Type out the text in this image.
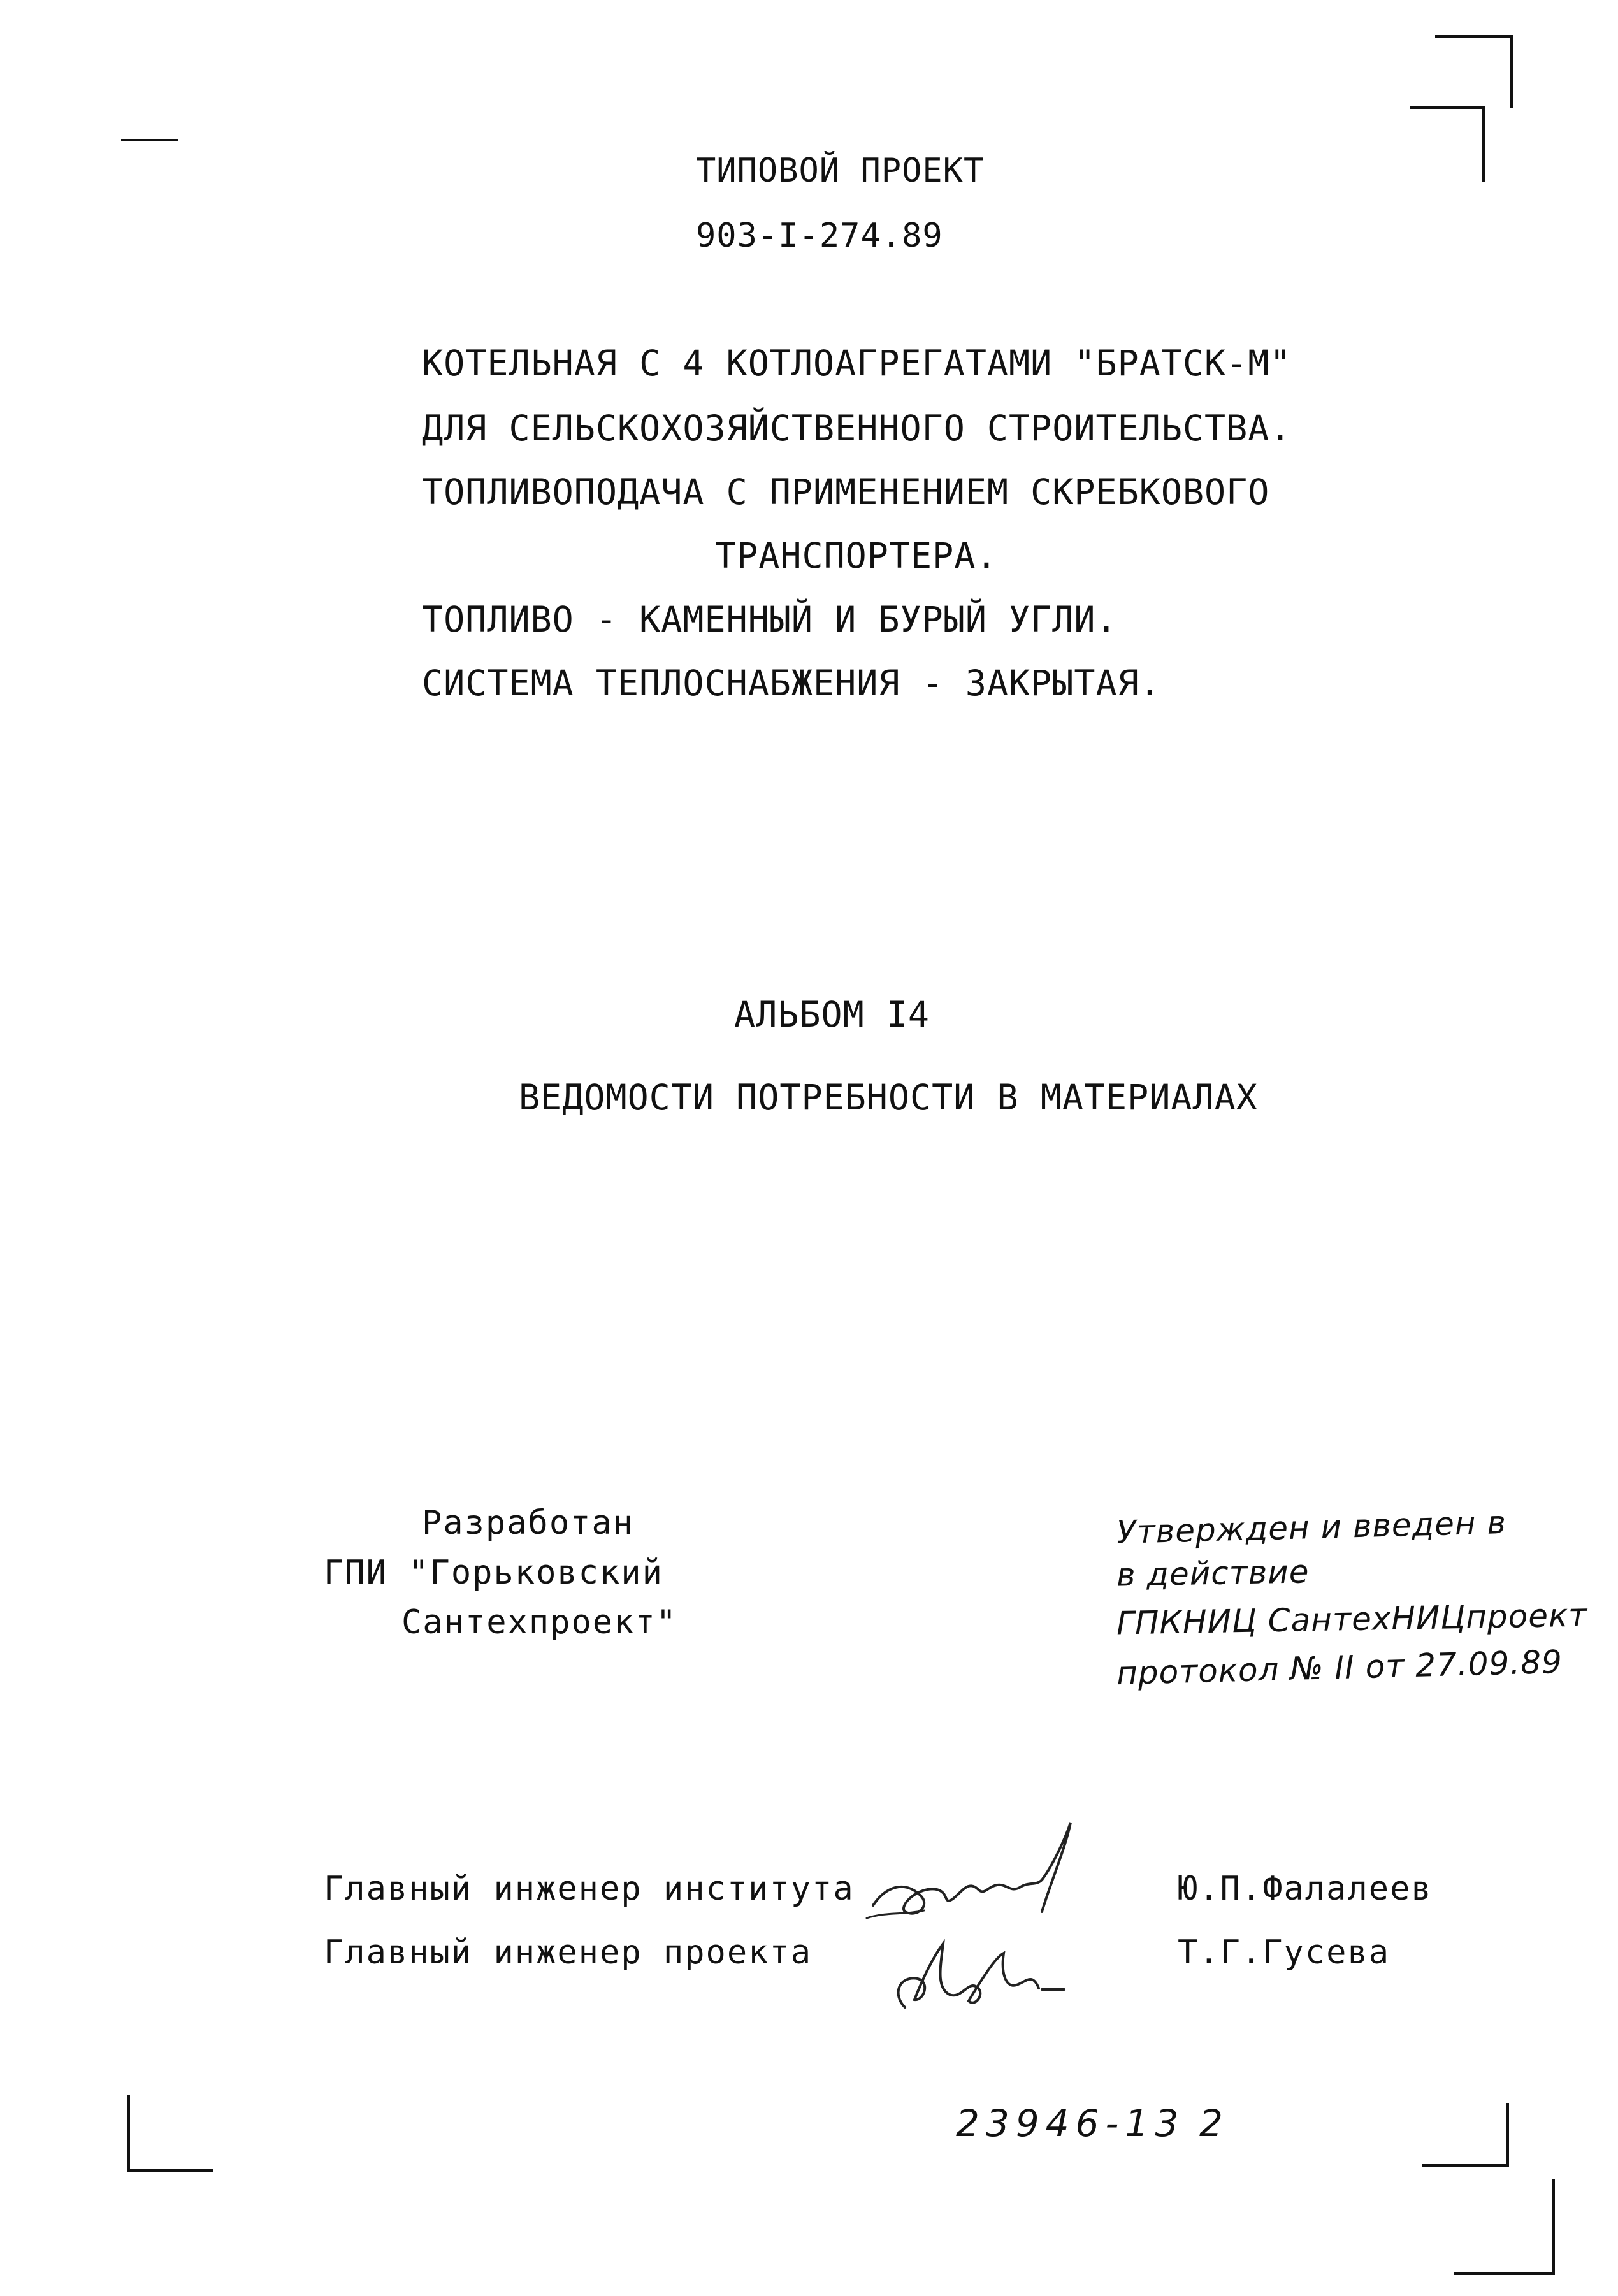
ТИПОВОЙ ПРОЕКТ
903-I-274.89
КОТЕЛЬНАЯ С 4 КОТЛОАГРЕГАТАМИ "БРАТСК-М"
ДЛЯ СЕЛЬСКОХОЗЯЙСТВЕННОГО СТРОИТЕЛЬСТВА.
ТОПЛИВОПОДАЧА С ПРИМЕНЕНИЕМ СКРЕБКОВОГО
ТРАНСПОРТЕРА.
ТОПЛИВО - КАМЕННЫЙ И БУРЫЙ УГЛИ.
СИСТЕМА ТЕПЛОСНАБЖЕНИЯ - ЗАКРЫТАЯ.
АЛЬБОМ I4
ВЕДОМОСТИ ПОТРЕБНОСТИ В МАТЕРИАЛАХ
Разработан
ГПИ "Горьковский
Сантехпроект"
Утвержден и введен в
в действие
ГПКНИЦ СантехНИЦпроект
протокол № II от 27.09.89
Главный инженер института	Ю.П.Фалалеев
Главный инженер проекта	Т.Г.Гусева
23946-13 2
